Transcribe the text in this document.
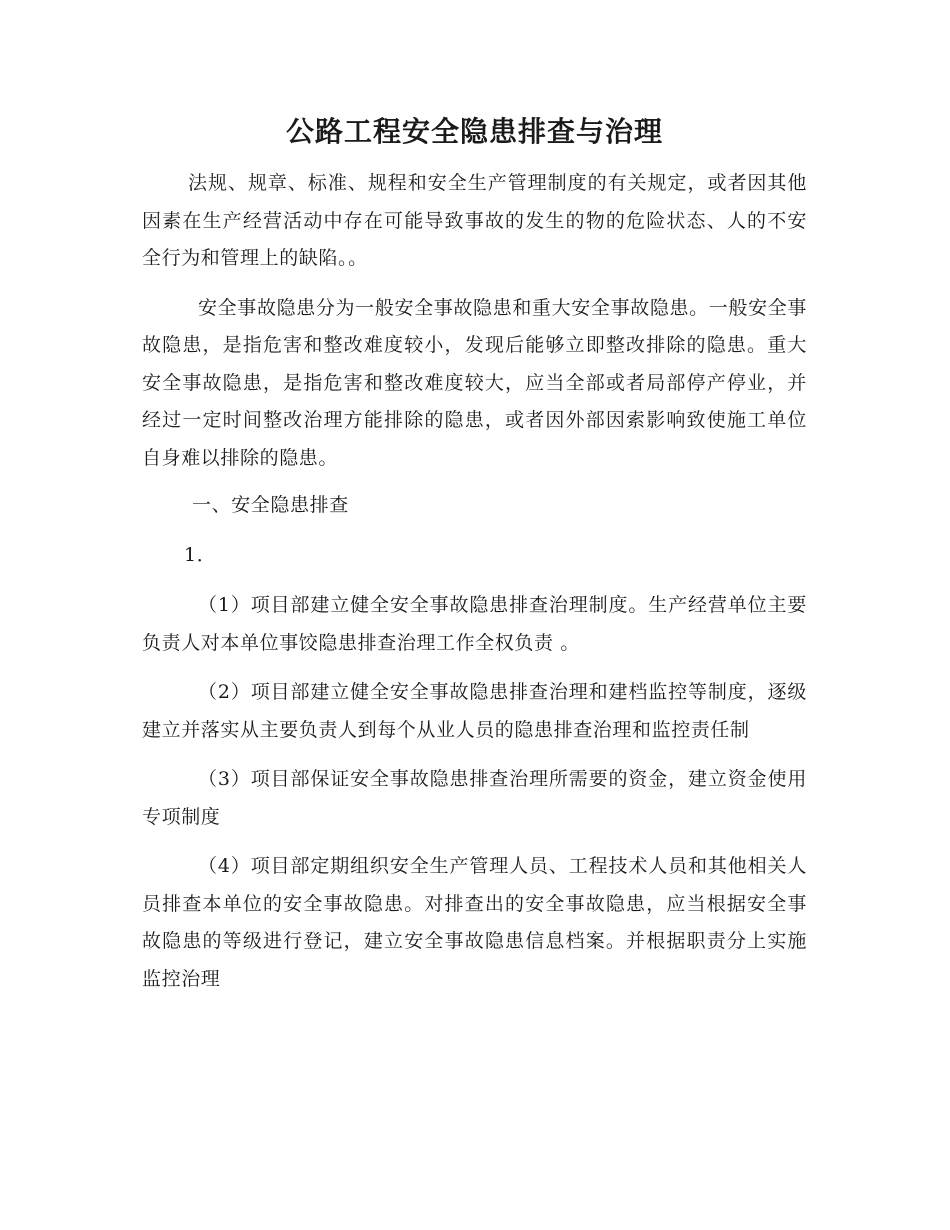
公路工程安全隐患排查与治理

法规、规章、标准、规程和安全生产管理制度的有关规定，或者因其他因素在生产经营活动中存在可能导致事故的发生的物的危险状态、人的不安全行为和管理上的缺陷。。

安全事故隐患分为一般安全事故隐患和重大安全事故隐患。一般安全事故隐患，是指危害和整改难度较小，发现后能够立即整改排除的隐患。重大安全事故隐患，是指危害和整改难度较大，应当全部或者局部停产停业，并经过一定时间整改治理方能排除的隐患，或者因外部因索影响致使施工单位自身难以排除的隐患。

一、安全隐患排查

1．

（1）项目部建立健全安全事故隐患排查治理制度。生产经营单位主要负责人对本单位事饺隐患排查治理工作全权负责 。

（2）项目部建立健全安全事故隐患排查治理和建档监控等制度，逐级建立并落实从主要负责人到每个从业人员的隐患排查治理和监控责任制

（3）项目部保证安全事故隐患排查治理所需要的资金，建立资金使用专项制度

（4）项目部定期组织安全生产管理人员、工程技术人员和其他相关人员排查本单位的安全事故隐患。对排查出的安全事故隐患，应当根据安全事故隐患的等级进行登记，建立安全事故隐患信息档案。并根据职责分上实施监控治理
